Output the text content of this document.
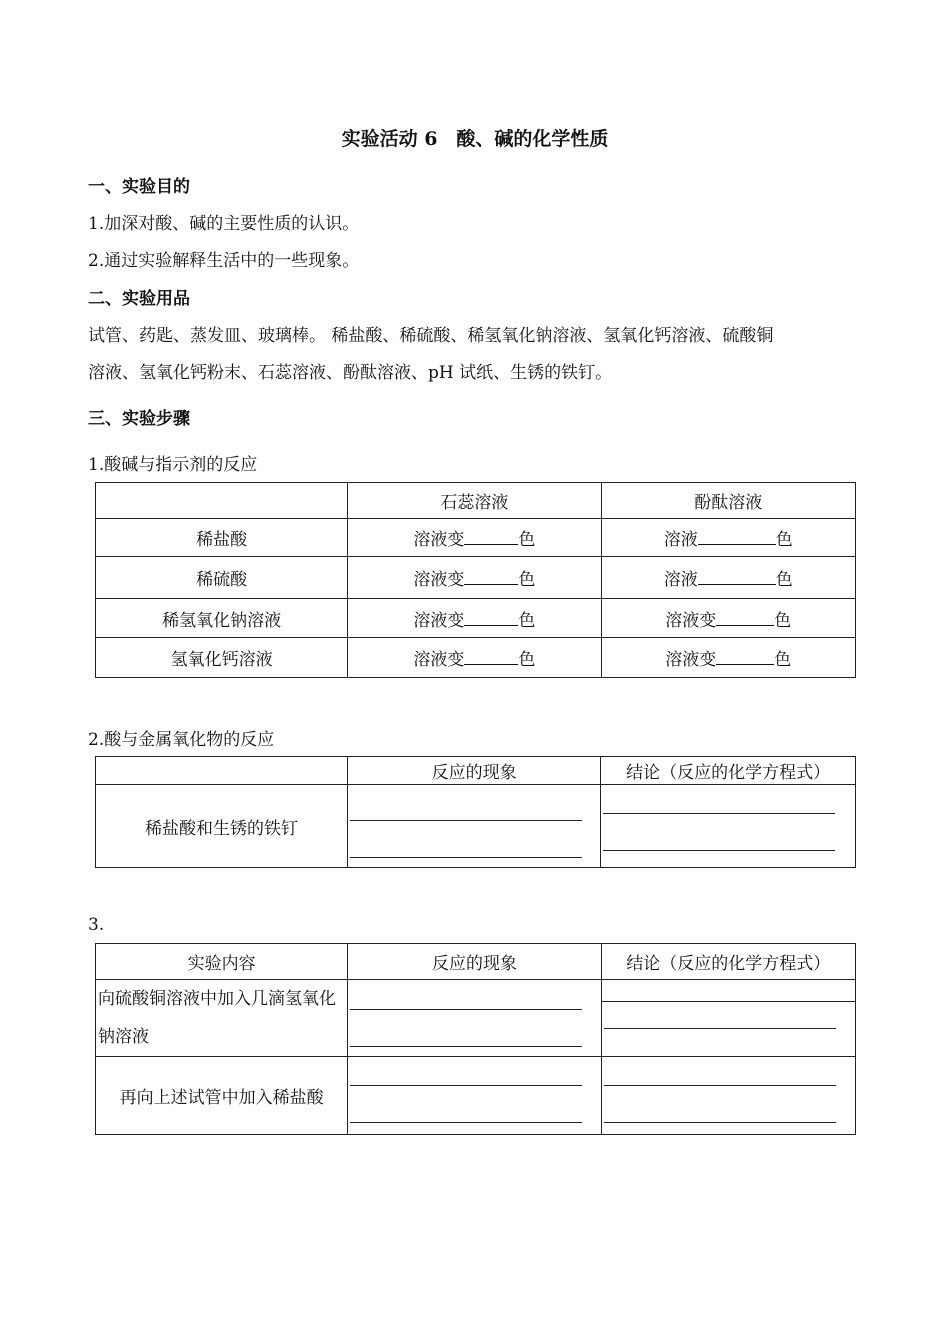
实验活动 6　酸、碱的化学性质
一、实验目的
1.加深对酸、碱的主要性质的认识。
2.通过实验解释生活中的一些现象。
二、实验用品
试管、药匙、蒸发皿、玻璃棒。 稀盐酸、稀硫酸、稀氢氧化钠溶液、氢氧化钙溶液、硫酸铜
溶液、氢氧化钙粉末、石蕊溶液、酚酞溶液、pH 试纸、生锈的铁钉。
三、实验步骤
1.酸碱与指示剂的反应
	石蕊溶液	酚酞溶液
稀盐酸	溶液变 色	溶液 色
稀硫酸	溶液变 色	溶液 色
稀氢氧化钠溶液	溶液变 色	溶液变 色
氢氧化钙溶液	溶液变 色	溶液变 色
2.酸与金属氧化物的反应
	反应的现象	结论（反应的化学方程式）
稀盐酸和生锈的铁钉	

3.
实验内容	反应的现象	结论（反应的化学方程式）

向硫酸铜溶液中加入几滴氢氧化钠溶液		

再向上述试管中加入稀盐酸	
